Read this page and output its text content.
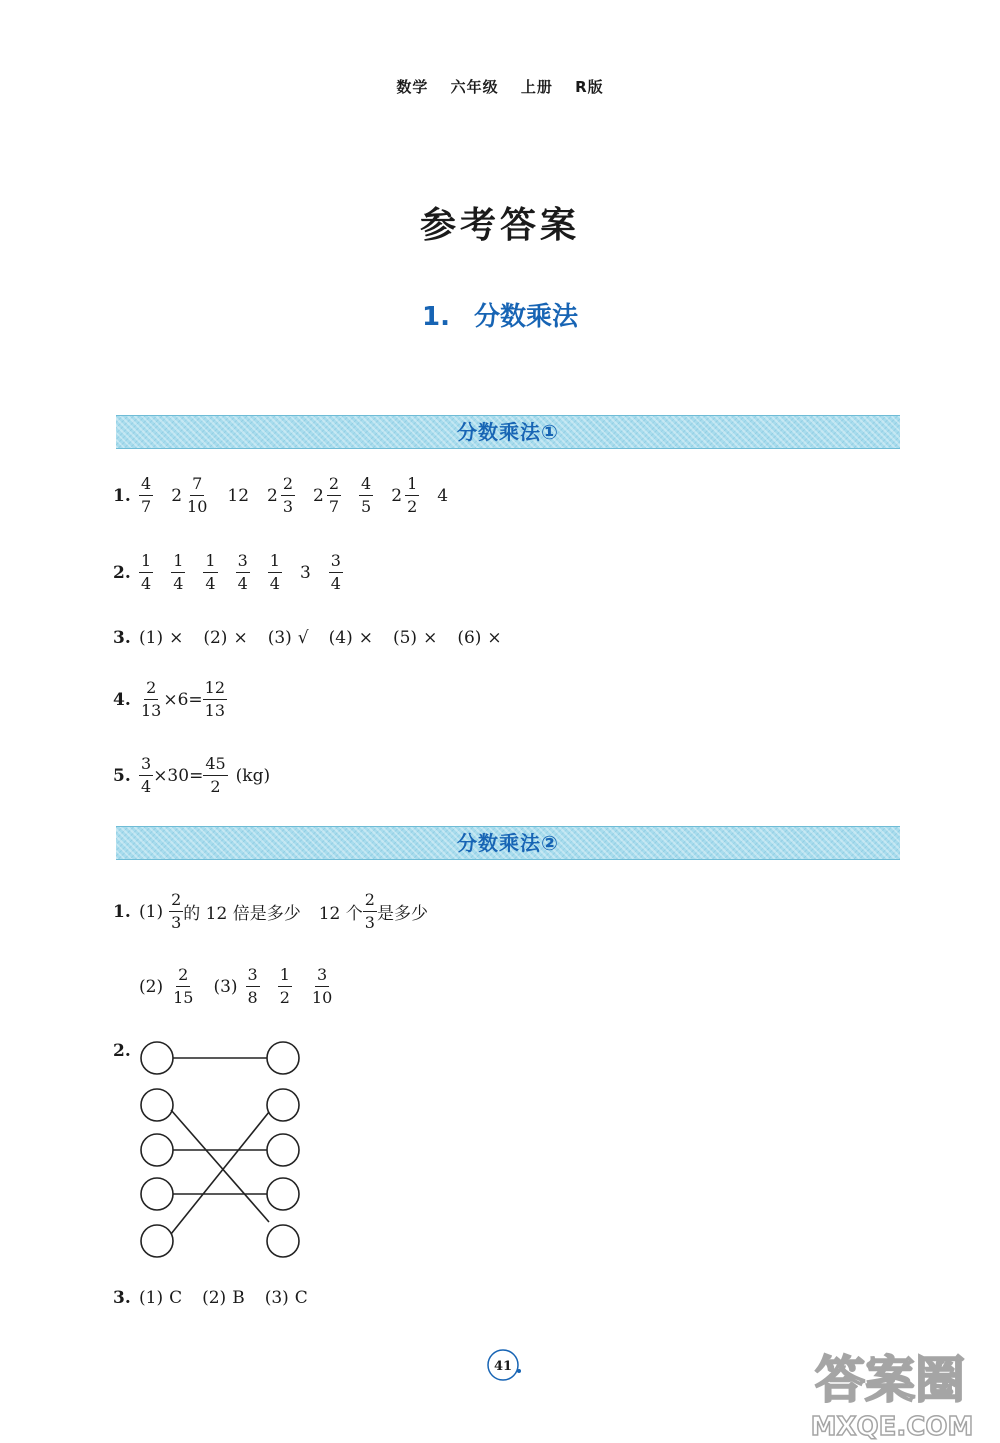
数学 六年级 上册 R版
参考答案
1. 分数乘法
分数乘法①
1. $\frac{4}{7} 2 \frac{7}{10} 12$ $2 \frac{2}{3} 2 \frac{2}{7} \frac{4}{5} 2 \frac{1}{2} 4$
2. $\frac{1}{4} \frac{1}{4} \frac{1}{4} \frac{3}{4} \frac{1}{4} 3 \frac{3}{4}$
3. (1) × (2) × (3) √ (4) × (5) × (6) ×
4. $\frac{2}{13} \times 6= \frac{12}{13}$
5. $\frac{3}{4} \times 30= \frac{45}{2} (kg)$
分数乘法②
1. $(1) \frac{2}{3}$ 的 12 倍是多少 12 个 $\frac{2}{3}$ 是多少
$(2) \frac{2}{15} (3) \frac{3}{8} \frac{1}{2} \frac{3}{10}$
2.
3. (1) C (2) B (3) C
41	答案圈
MXQE.COM
